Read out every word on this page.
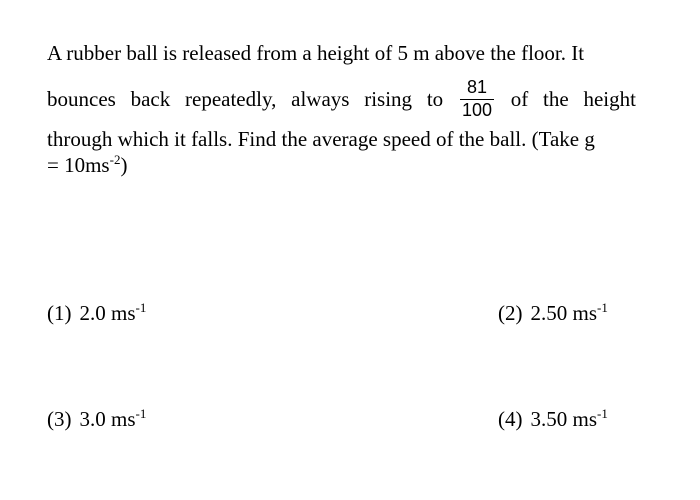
A rubber ball is released from a height of 5 m above the floor. It
bounces back repeatedly, always rising to $\frac{81}{100}$ of the height
through which it falls. Find the average speed of the ball. (Take g
= $10ms^{-2}$)
(1) 2.0 $ms^{-1}$	(2) 2.50 $ms^{-1}$
(3) 3.0 $ms^{-1}$	(4) 3.50 $ms^{-1}$
